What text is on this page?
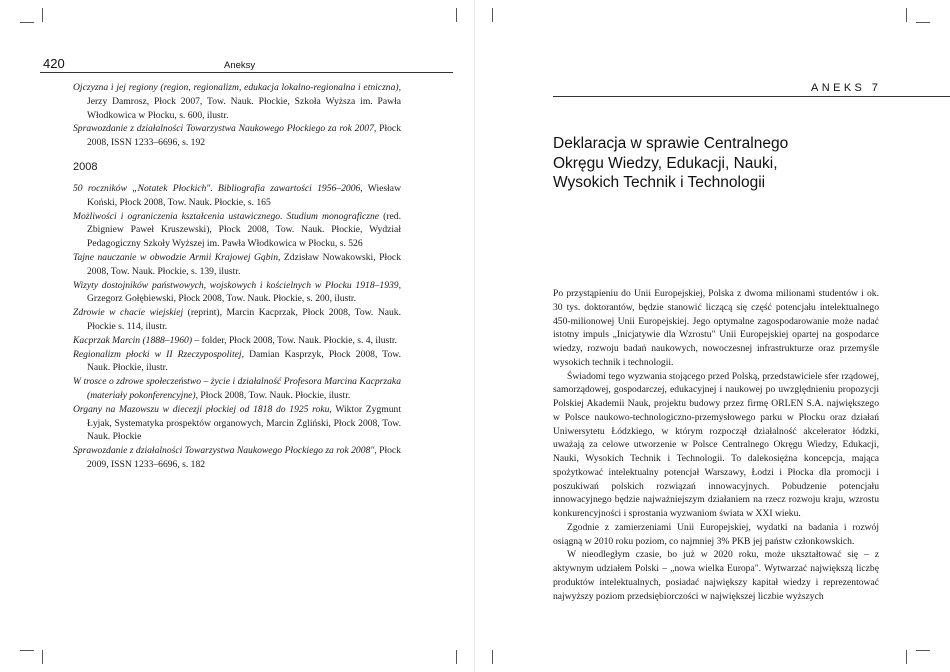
420	Aneksy
Ojczyzna i jej regiony (region, regionalizm, edukacja lokalno-regionalna i etniczna), Jerzy Damrosz, Płock 2007, Tow. Nauk. Płockie, Szkoła Wyższa im. Pawła Włodkowica w Płocku, s. 600, ilustr.
Sprawozdanie z działalności Towarzystwa Naukowego Płockiego za rok 2007, Płock 2008, ISSN 1233–6696, s. 192
2008
50 roczników „Notatek Płockich". Bibliografia zawartości 1956–2006, Wiesław Koński, Płock 2008, Tow. Nauk. Płockie, s. 165
Możliwości i ograniczenia kształcenia ustawicznego. Studium monograficzne (red. Zbigniew Paweł Kruszewski), Płock 2008, Tow. Nauk. Płockie, Wydział Pedagogiczny Szkoły Wyższej im. Pawła Włodkowica w Płocku, s. 526
Tajne nauczanie w obwodzie Armii Krajowej Gąbin, Zdzisław Nowakowski, Płock 2008, Tow. Nauk. Płockie, s. 139, ilustr.
Wizyty dostojników państwowych, wojskowych i kościelnych w Płocku 1918–1939, Grzegorz Gołębiewski, Płock 2008, Tow. Nauk. Płockie, s. 200, ilustr.
Zdrowie w chacie wiejskiej (reprint), Marcin Kacprzak, Płock 2008, Tow. Nauk. Płockie s. 114, ilustr.
Kacprzak Marcin (1888–1960) – folder, Płock 2008, Tow. Nauk. Płockie, s. 4, ilustr.
Regionalizm płocki w II Rzeczypospolitej, Damian Kasprzyk, Płock 2008, Tow. Nauk. Płockie, ilustr.
W trosce o zdrowe społeczeństwo – życie i działalność Profesora Marcina Kacprzaka (materiały pokonferencyjne), Płock 2008, Tow. Nauk. Płockie, ilustr.
Organy na Mazowszu w diecezji płockiej od 1818 do 1925 roku, Wiktor Zygmunt Łyjak, Systematyka prospektów organowych, Marcin Zgliński, Płock 2008, Tow. Nauk. Płockie
Sprawozdanie z działalności Towarzystwa Naukowego Płockiego za rok 2008", Płock 2009, ISSN 1233–6696, s. 182
ANEKS 7
Deklaracja w sprawie Centralnego
Okręgu Wiedzy, Edukacji, Nauki,
Wysokich Technik i Technologii

Po przystąpieniu do Unii Europejskiej, Polska z dwoma milionami studentów i ok. 30 tys. doktorantów, będzie stanowić liczącą się część potencjału intelektualnego 450-milionowej Unii Europejskiej. Jego optymalne zagospodarowanie może nadać istotny impuls „Inicjatywie dla Wzrostu" Unii Europejskiej opartej na gospodarce wiedzy, rozwoju badań naukowych, nowoczesnej infrastrukturze oraz przemyśle wysokich technik i technologii.

Świadomi tego wyzwania stojącego przed Polską, przedstawiciele sfer rządowej, samorządowej, gospodarczej, edukacyjnej i naukowej po uwzględnieniu propozycji Polskiej Akademii Nauk, projektu budowy przez firmę ORLEN S.A. największego w Polsce naukowo-technologiczno-przemysłowego parku w Płocku oraz działań Uniwersytetu Łódzkiego, w którym rozpoczął działalność akcelerator łódzki, uważają za celowe utworzenie w Polsce Centralnego Okręgu Wiedzy, Edukacji, Nauki, Wysokich Technik i Technologii. To dalekosiężna koncepcja, mająca spożytkować intelektualny potencjał Warszawy, Łodzi i Płocka dla promocji i poszukiwań polskich rozwiązań innowacyjnych. Pobudzenie potencjału innowacyjnego będzie najważniejszym działaniem na rzecz rozwoju kraju, wzrostu konkurencyjności i sprostania wyzwaniom świata w XXI wieku.

Zgodnie z zamierzeniami Unii Europejskiej, wydatki na badania i rozwój osiągną w 2010 roku poziom, co najmniej 3% PKB jej państw członkowskich.

W nieodległym czasie, bo już w 2020 roku, może ukształtować się – z aktywnym udziałem Polski – „nowa wielka Europa". Wytwarzać największą liczbę produktów intelektualnych, posiadać największy kapitał wiedzy i reprezentować najwyższy poziom przedsiębiorczości w największej liczbie wyższych
